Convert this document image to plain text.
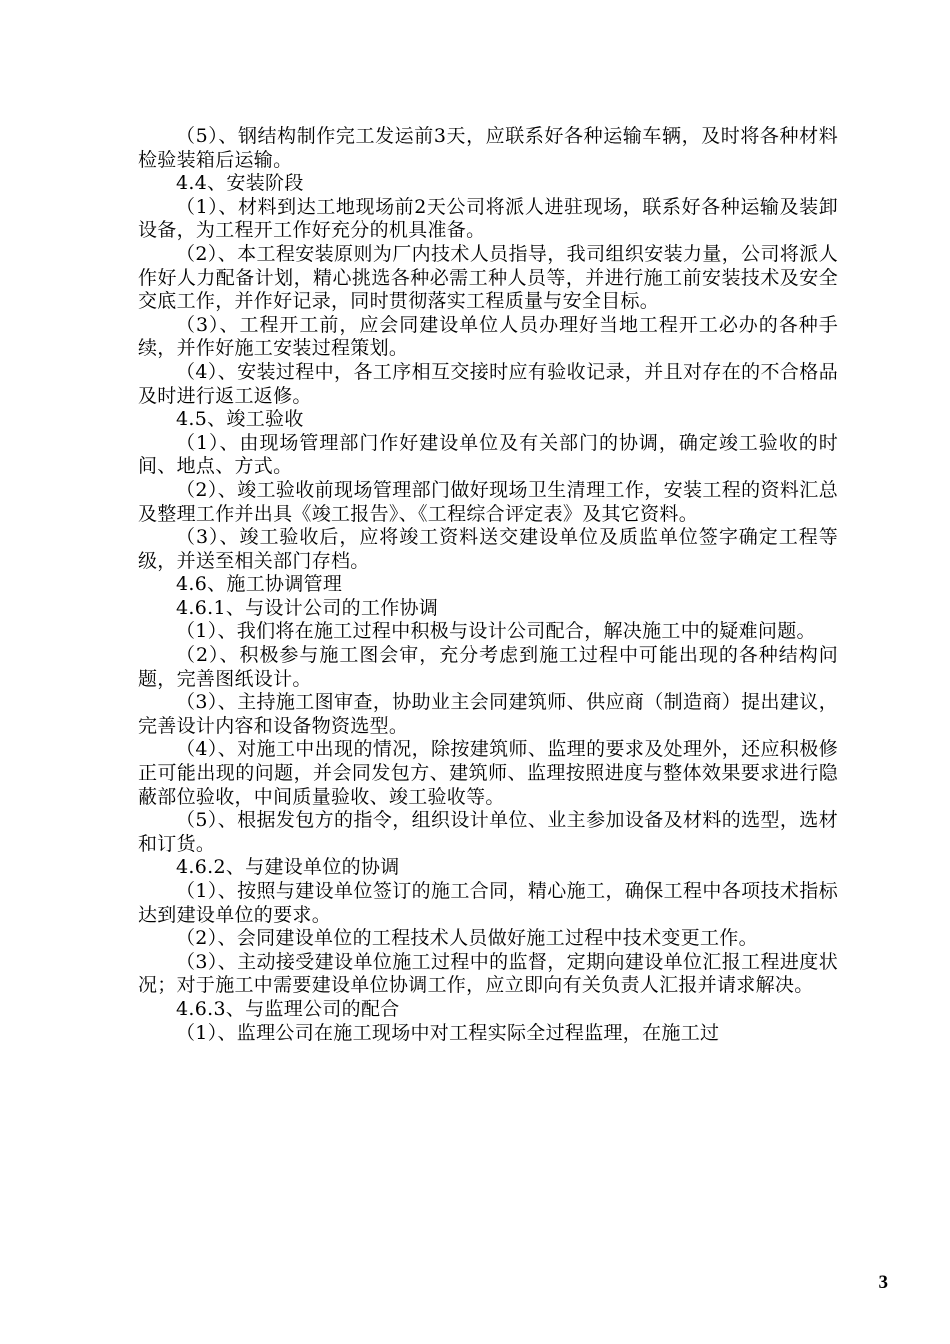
（5）、钢结构制作完工发运前3天，应联系好各种运输车辆，及时将各种材料检验装箱后运输。

4.4、安装阶段

（1）、材料到达工地现场前2天公司将派人进驻现场，联系好各种运输及装卸设备，为工程开工作好充分的机具准备。

（2）、本工程安装原则为厂内技术人员指导，我司组织安装力量，公司将派人作好人力配备计划，精心挑选各种必需工种人员等，并进行施工前安装技术及安全交底工作，并作好记录，同时贯彻落实工程质量与安全目标。

（3）、工程开工前，应会同建设单位人员办理好当地工程开工必办的各种手续，并作好施工安装过程策划。

（4）、安装过程中，各工序相互交接时应有验收记录，并且对存在的不合格品及时进行返工返修。

4.5、竣工验收

（1）、由现场管理部门作好建设单位及有关部门的协调，确定竣工验收的时间、地点、方式。

（2）、竣工验收前现场管理部门做好现场卫生清理工作，安装工程的资料汇总及整理工作并出具《竣工报告》、《工程综合评定表》及其它资料。

（3）、竣工验收后，应将竣工资料送交建设单位及质监单位签字确定工程等级，并送至相关部门存档。

4.6、施工协调管理

4.6.1、与设计公司的工作协调

（1）、我们将在施工过程中积极与设计公司配合，解决施工中的疑难问题。

（2）、积极参与施工图会审，充分考虑到施工过程中可能出现的各种结构问题，完善图纸设计。

（3）、主持施工图审查，协助业主会同建筑师、供应商（制造商）提出建议，完善设计内容和设备物资选型。

（4）、对施工中出现的情况，除按建筑师、监理的要求及处理外，还应积极修正可能出现的问题，并会同发包方、建筑师、监理按照进度与整体效果要求进行隐蔽部位验收，中间质量验收、竣工验收等。

（5）、根据发包方的指令，组织设计单位、业主参加设备及材料的选型，选材和订货。

4.6.2、与建设单位的协调

（1）、按照与建设单位签订的施工合同，精心施工，确保工程中各项技术指标达到建设单位的要求。

（2）、会同建设单位的工程技术人员做好施工过程中技术变更工作。

（3）、主动接受建设单位施工过程中的监督，定期向建设单位汇报工程进度状况；对于施工中需要建设单位协调工作，应立即向有关负责人汇报并请求解决。

4.6.3、与监理公司的配合

（1）、监理公司在施工现场中对工程实际全过程监理，在施工过

3
